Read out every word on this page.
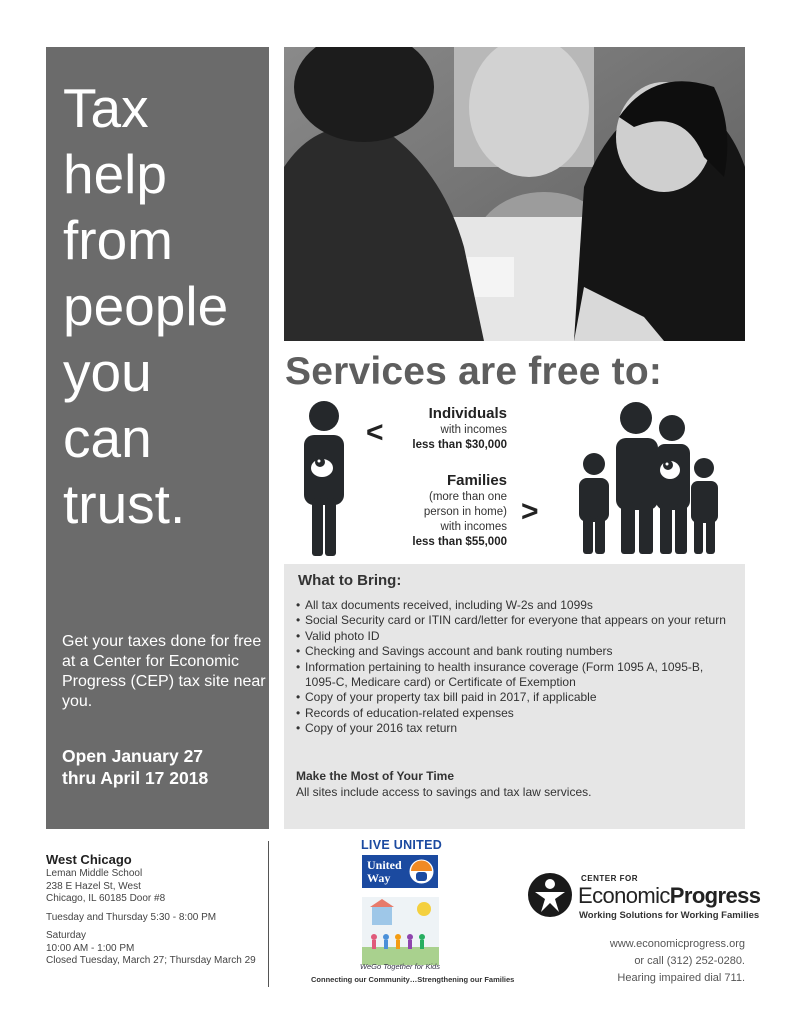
Tax
help
from
people
you
can
trust.
Get your taxes done for free at a Center for Economic Progress (CEP) tax site near you.
Open January 27
thru April 17 2018
Services are free to:
<
Individuals
with incomes
less than $30,000
Families
(more than one
person in home)
with incomes
less than $55,000
>
What to Bring:
• All tax documents received, including W-2s and 1099s
• Social Security card or ITIN card/letter for everyone that appears on your return
• Valid photo ID
• Checking and Savings account and bank routing numbers
• Information pertaining to health insurance coverage (Form 1095 A, 1095-B, 1095-C, Medicare card) or Certificate of Exemption
• Copy of your property tax bill paid in 2017, if applicable
• Records of education-related expenses
• Copy of your 2016 tax return
Make the Most of Your Time
All sites include access to savings and tax law services.
West Chicago
Leman Middle School
238 E Hazel St, West
Chicago, IL 60185 Door #8
Tuesday and Thursday 5:30 - 8:00 PM
Saturday
10:00 AM - 1:00 PM
Closed Tuesday, March 27; Thursday March 29
LIVE UNITED
United
Way
WeGo Together for Kids
Connecting our Community…Strengthening our Families
CENTER FOR
EconomicProgress
Working Solutions for Working Families
www.economicprogress.org
or call (312) 252-0280.
Hearing impaired dial 711.
